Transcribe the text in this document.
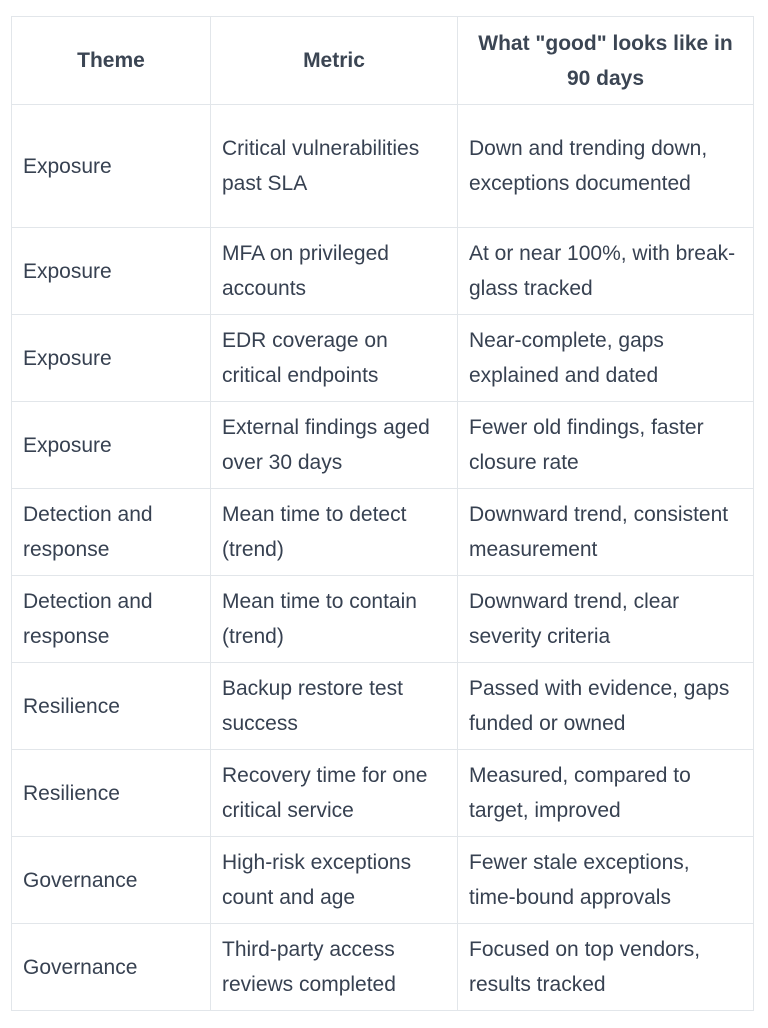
Theme	Metric	What "good" looks like in 90 days
Exposure	Critical vulnerabilities past SLA	Down and trending down, exceptions documented
Exposure	MFA on privileged accounts	At or near 100%, with break-glass tracked
Exposure	EDR coverage on critical endpoints	Near-complete, gaps explained and dated
Exposure	External findings aged over 30 days	Fewer old findings, faster closure rate
Detection and response	Mean time to detect (trend)	Downward trend, consistent measurement
Detection and response	Mean time to contain (trend)	Downward trend, clear severity criteria
Resilience	Backup restore test success	Passed with evidence, gaps funded or owned
Resilience	Recovery time for one critical service	Measured, compared to target, improved
Governance	High-risk exceptions count and age	Fewer stale exceptions, time-bound approvals
Governance	Third-party access reviews completed	Focused on top vendors, results tracked
